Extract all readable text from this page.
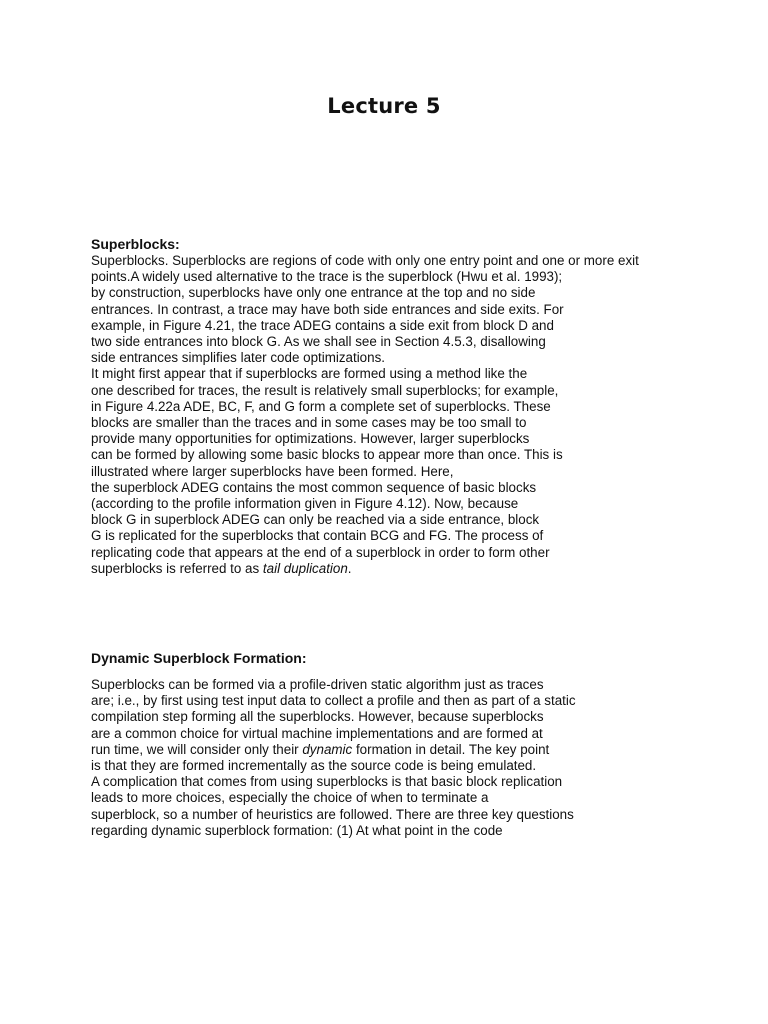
Lecture 5
Superblocks:
Superblocks. Superblocks are regions of code with only one entry point and one or more exit
points.A widely used alternative to the trace is the superblock (Hwu et al. 1993);
by construction, superblocks have only one entrance at the top and no side
entrances. In contrast, a trace may have both side entrances and side exits. For
example, in Figure 4.21, the trace ADEG contains a side exit from block D and
two side entrances into block G. As we shall see in Section 4.5.3, disallowing
side entrances simplifies later code optimizations.
It might first appear that if superblocks are formed using a method like the
one described for traces, the result is relatively small superblocks; for example,
in Figure 4.22a ADE, BC, F, and G form a complete set of superblocks. These
blocks are smaller than the traces and in some cases may be too small to
provide many opportunities for optimizations. However, larger superblocks
can be formed by allowing some basic blocks to appear more than once. This is
illustrated where larger superblocks have been formed. Here,
the superblock ADEG contains the most common sequence of basic blocks
(according to the profile information given in Figure 4.12). Now, because
block G in superblock ADEG can only be reached via a side entrance, block
G is replicated for the superblocks that contain BCG and FG. The process of
replicating code that appears at the end of a superblock in order to form other
superblocks is referred to as tail duplication.
Dynamic Superblock Formation:
Superblocks can be formed via a profile-driven static algorithm just as traces
are; i.e., by first using test input data to collect a profile and then as part of a static
compilation step forming all the superblocks. However, because superblocks
are a common choice for virtual machine implementations and are formed at
run time, we will consider only their dynamic formation in detail. The key point
is that they are formed incrementally as the source code is being emulated.
A complication that comes from using superblocks is that basic block replication
leads to more choices, especially the choice of when to terminate a
superblock, so a number of heuristics are followed. There are three key questions
regarding dynamic superblock formation: (1) At what point in the code
